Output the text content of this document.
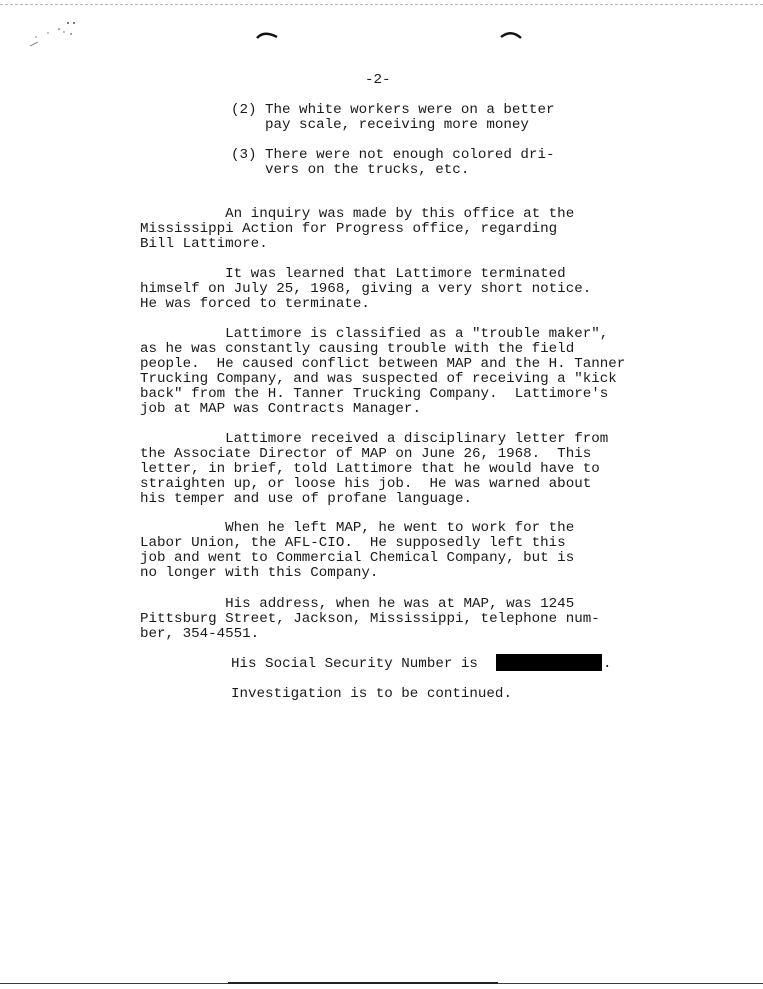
-2-
(2) The white workers were on a better
pay scale, receiving more money
(3) There were not enough colored dri-
vers on the trucks, etc.
An inquiry was made by this office at the
Mississippi Action for Progress office, regarding
Bill Lattimore.
It was learned that Lattimore terminated
himself on July 25, 1968, giving a very short notice.
He was forced to terminate.
Lattimore is classified as a "trouble maker",
as he was constantly causing trouble with the field
people.  He caused conflict between MAP and the H. Tanner
Trucking Company, and was suspected of receiving a "kick
back" from the H. Tanner Trucking Company.  Lattimore's
job at MAP was Contracts Manager.
Lattimore received a disciplinary letter from
the Associate Director of MAP on June 26, 1968.  This
letter, in brief, told Lattimore that he would have to
straighten up, or loose his job.  He was warned about
his temper and use of profane language.
When he left MAP, he went to work for the
Labor Union, the AFL-CIO.  He supposedly left this
job and went to Commercial Chemical Company, but is
no longer with this Company.
His address, when he was at MAP, was 1245
Pittsburg Street, Jackson, Mississippi, telephone num-
ber, 354-4551.
His Social Security Number is	.
Investigation is to be continued.
